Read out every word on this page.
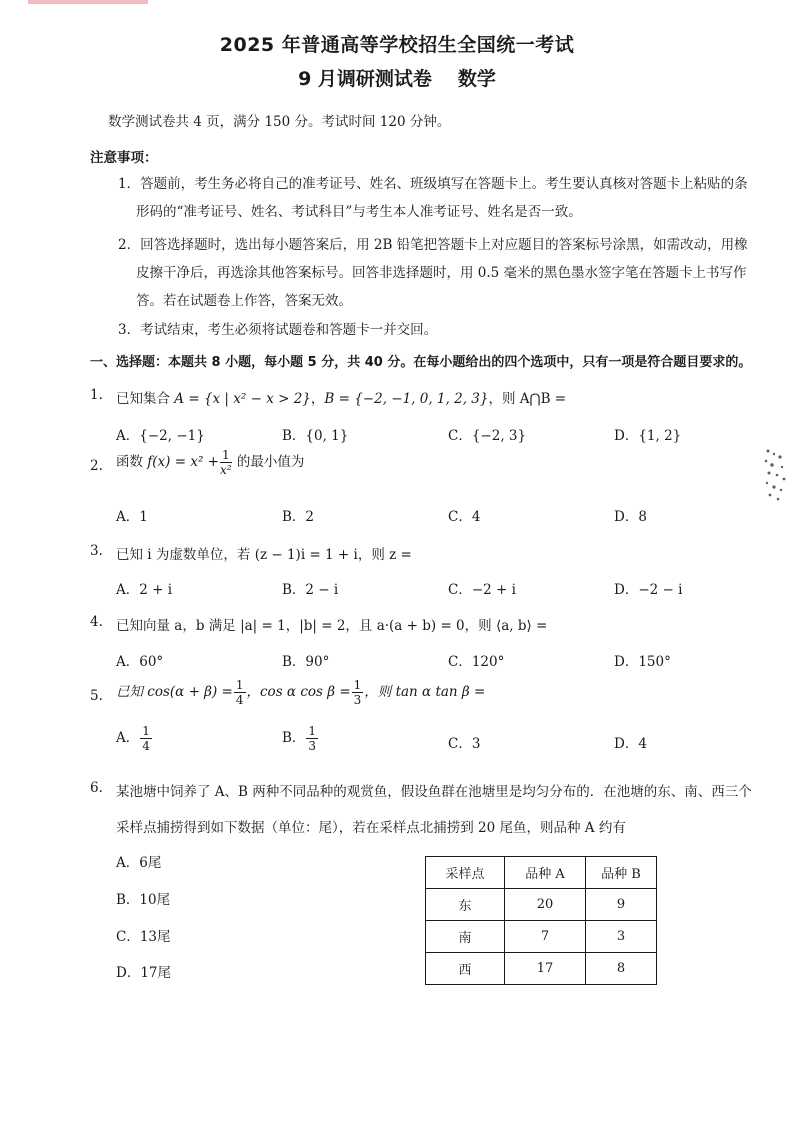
2025 年普通高等学校招生全国统一考试
9 月调研测试卷 数学
数学测试卷共 4 页，满分 150 分。考试时间 120 分钟。
注意事项：
1．答题前，考生务必将自己的准考证号、姓名、班级填写在答题卡上。考生要认真核对答题卡上粘贴的条
形码的“准考证号、姓名、考试科目”与考生本人准考证号、姓名是否一致。
2．回答选择题时，选出每小题答案后，用 2B 铅笔把答题卡上对应题目的答案标号涂黑，如需改动，用橡
皮擦干净后，再选涂其他答案标号。回答非选择题时，用 0.5 毫米的黑色墨水签字笔在答题卡上书写作
答。若在试题卷上作答，答案无效。
3．考试结束，考生必须将试题卷和答题卡一并交回。
一、选择题：本题共 8 小题，每小题 5 分，共 40 分。在每小题给出的四个选项中，只有一项是符合题目要求的。
1. 已知集合 A = {x | x² − x > 2}，B = {−2, −1, 0, 1, 2, 3}，则 A⋂B =
A．{−2, −1}	B．{0, 1}	C．{−2, 3}	D．{1, 2}
2. 函数 $f(x) = x^2 + \frac{1}{\text{x²}}$ 的最小值为
A．1	B．2	C．4	D．8
3. 已知 i 为虚数单位，若 (z − 1)i = 1 + i，则 z =
A．2 + i	B．2 − i	C．−2 + i	D．−2 − i
4. 已知向量 a，b 满足 |a| = 1，|b| = 2，且 a·(a + b) = 0，则 ⟨a, b⟩ =
A．60°	B．90°	C．120°	D．150°
5. 已知 $\cos(\alpha + \beta) = \frac{1}{4}$ ，cos α $\cos \beta = \frac{1}{3}$ ，则 tan α tan β =
A． $\frac{1}{4}$	B． $\frac{1}{3}$	C．3	D．4
6. 某池塘中饲养了 A、B 两种不同品种的观赏鱼，假设鱼群在池塘里是均匀分布的．在池塘的东、南、西三个
采样点捕捞得到如下数据（单位：尾），若在采样点北捕捞到 20 尾鱼，则品种 A 约有
A．6尾
B．10尾
C．13尾
D．17尾
采样点	品种 A	品种 B
东	20	9
南	7	3
西	17	8
